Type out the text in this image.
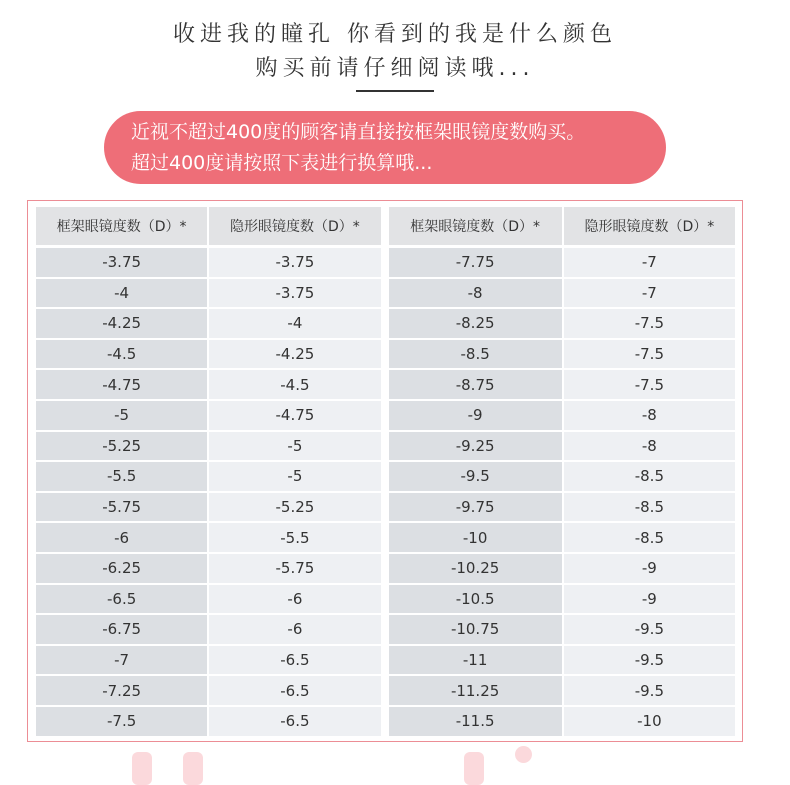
收进我的瞳孔 你看到的我是什么颜色
购买前请仔细阅读哦...
近视不超过400度的顾客请直接按框架眼镜度数购买。
超过400度请按照下表进行换算哦...
框架眼镜度数（D）*	隐形眼镜度数（D）*	框架眼镜度数（D）*	隐形眼镜度数（D）*
-3.75	-3.75	-7.75	-7
-4	-3.75	-8	-7
-4.25	-4	-8.25	-7.5
-4.5	-4.25	-8.5	-7.5
-4.75	-4.5	-8.75	-7.5
-5	-4.75	-9	-8
-5.25	-5	-9.25	-8
-5.5	-5	-9.5	-8.5
-5.75	-5.25	-9.75	-8.5
-6	-5.5	-10	-8.5
-6.25	-5.75	-10.25	-9
-6.5	-6	-10.5	-9
-6.75	-6	-10.75	-9.5
-7	-6.5	-11	-9.5
-7.25	-6.5	-11.25	-9.5
-7.5	-6.5	-11.5	-10
